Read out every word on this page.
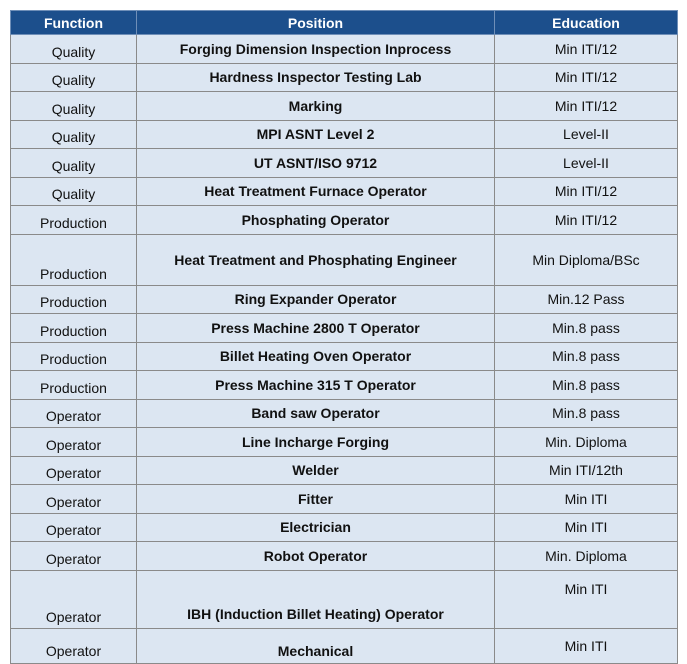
Function	Position	Education
Quality	Forging Dimension Inspection Inprocess	Min ITI/12
Quality	Hardness Inspector Testing Lab	Min ITI/12
Quality	Marking	Min ITI/12
Quality	MPI ASNT Level 2	Level-II
Quality	UT ASNT/ISO 9712	Level-II
Quality	Heat Treatment Furnace Operator	Min ITI/12
Production	Phosphating Operator	Min ITI/12
Production	Heat Treatment and Phosphating Engineer	Min Diploma/BSc
Production	Ring Expander Operator	Min.12 Pass
Production	Press Machine 2800 T Operator	Min.8 pass
Production	Billet Heating Oven Operator	Min.8 pass
Production	Press Machine 315 T Operator	Min.8 pass
Operator	Band saw Operator	Min.8 pass
Operator	Line Incharge Forging	Min. Diploma
Operator	Welder	Min ITI/12th
Operator	Fitter	Min ITI
Operator	Electrician	Min ITI
Operator	Robot Operator	Min. Diploma
Operator	IBH (Induction Billet Heating) Operator	Min ITI
Operator	Mechanical	Min ITI
